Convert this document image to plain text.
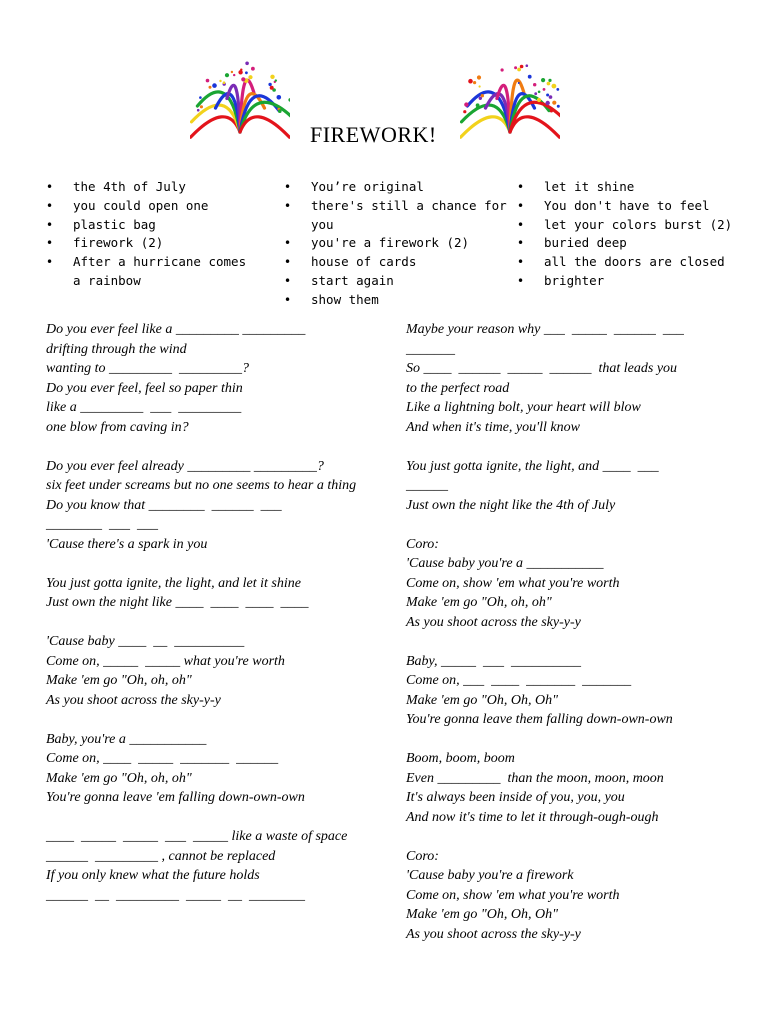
FIREWORK!
• the 4th of July
• you could open one
• plastic bag
• firework (2)
• After a hurricane comes a rainbow
• You’re original
• there's still a chance for you
• you're a firework (2)
• house of cards
• start again
• show them
• let it shine
• You don't have to feel
• let your colors burst (2)
• buried deep
• all the doors are closed
• brighter
Do you ever feel like a _________ _________
drifting through the wind
wanting to _________  _________?
Do you ever feel, feel so paper thin
like a _________  ___  _________
one blow from caving in?
Do you ever feel already _________ _________?
six feet under screams but no one seems to hear a thing
Do you know that ________  ______  ___
________  ___  ___
'Cause there's a spark in you
You just gotta ignite, the light, and let it shine
Just own the night like ____  ____  ____  ____
'Cause baby ____  __  __________
Come on, _____  _____ what you're worth
Make 'em go "Oh, oh, oh"
As you shoot across the sky-y-y
Baby, you're a ___________
Come on, ____  _____  _______  ______
Make 'em go "Oh, oh, oh"
You're gonna leave 'em falling down-own-own
____  _____  _____  ___  _____ like a waste of space
______  _________ , cannot be replaced
If you only knew what the future holds
______  __  _________  _____  __  ________
Maybe your reason why ___  _____  ______  ___
_______
So ____  ______  _____  ______  that leads you
to the perfect road
Like a lightning bolt, your heart will blow
And when it's time, you'll know
You just gotta ignite, the light, and ____  ___
______
Just own the night like the 4th of July
Coro:
'Cause baby you're a ___________
Come on, show 'em what you're worth
Make 'em go "Oh, oh, oh"
As you shoot across the sky-y-y
Baby, _____  ___  __________
Come on, ___  ____  _______  _______
Make 'em go "Oh, Oh, Oh"
You're gonna leave them falling down-own-own
Boom, boom, boom
Even _________  than the moon, moon, moon
It's always been inside of you, you, you
And now it's time to let it through-ough-ough
Coro:
'Cause baby you're a firework
Come on, show 'em what you're worth
Make 'em go "Oh, Oh, Oh"
As you shoot across the sky-y-y
